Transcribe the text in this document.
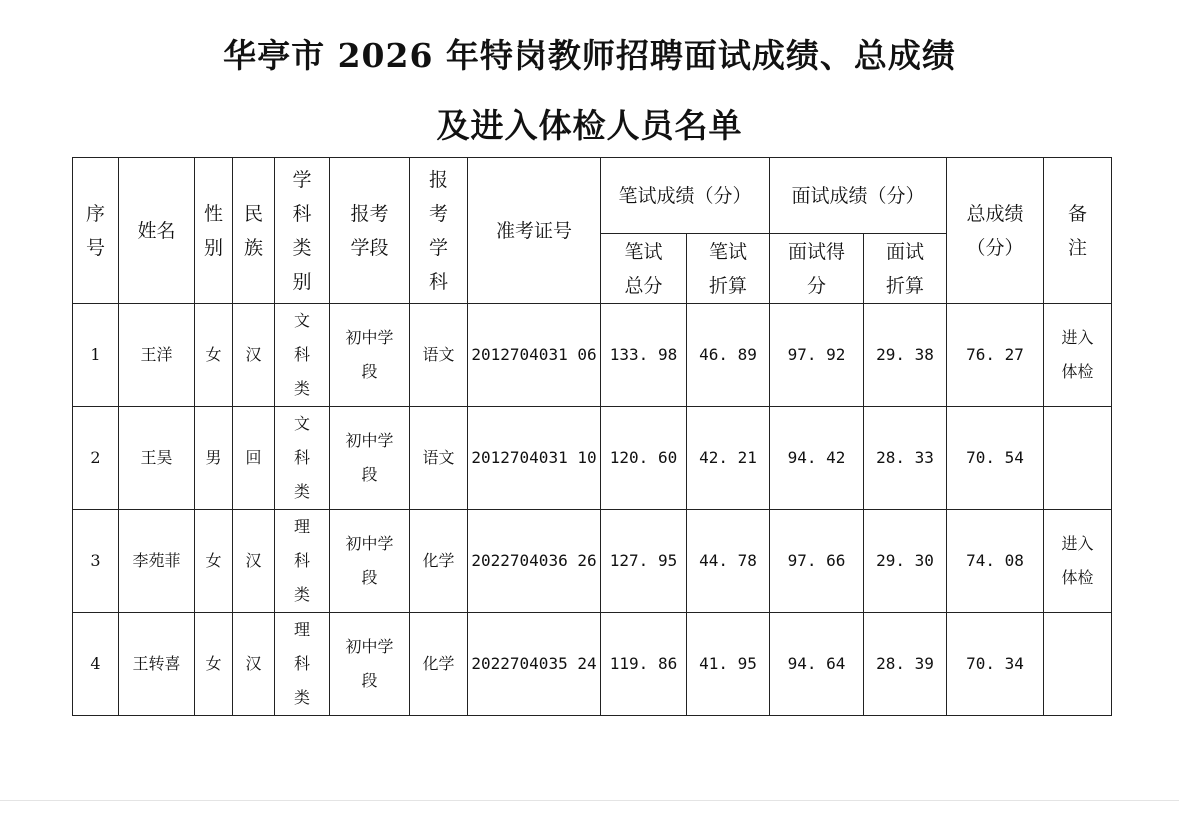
华亭市 2026 年特岗教师招聘面试成绩、总成绩
及进入体检人员名单
序号	姓名	性别	民族	学科类别	报考学段	报考学科	准考证号	笔试成绩（分）		面试成绩（分）		总成绩（分）	备注
								笔试总分	笔试折算	面试得分	面试折算		
1	王洋	女	汉	文科类	初中学段	语文	2012704031 06	133. 98	46. 89	97. 92	29. 38	76. 27	进入体检
2	王昊	男	回	文科类	初中学段	语文	2012704031 10	120. 60	42. 21	94. 42	28. 33	70. 54	
3	李苑菲	女	汉	理科类	初中学段	化学	2022704036 26	127. 95	44. 78	97. 66	29. 30	74. 08	进入体检
4	王转喜	女	汉	理科类	初中学段	化学	2022704035 24	119. 86	41. 95	94. 64	28. 39	70. 34	
